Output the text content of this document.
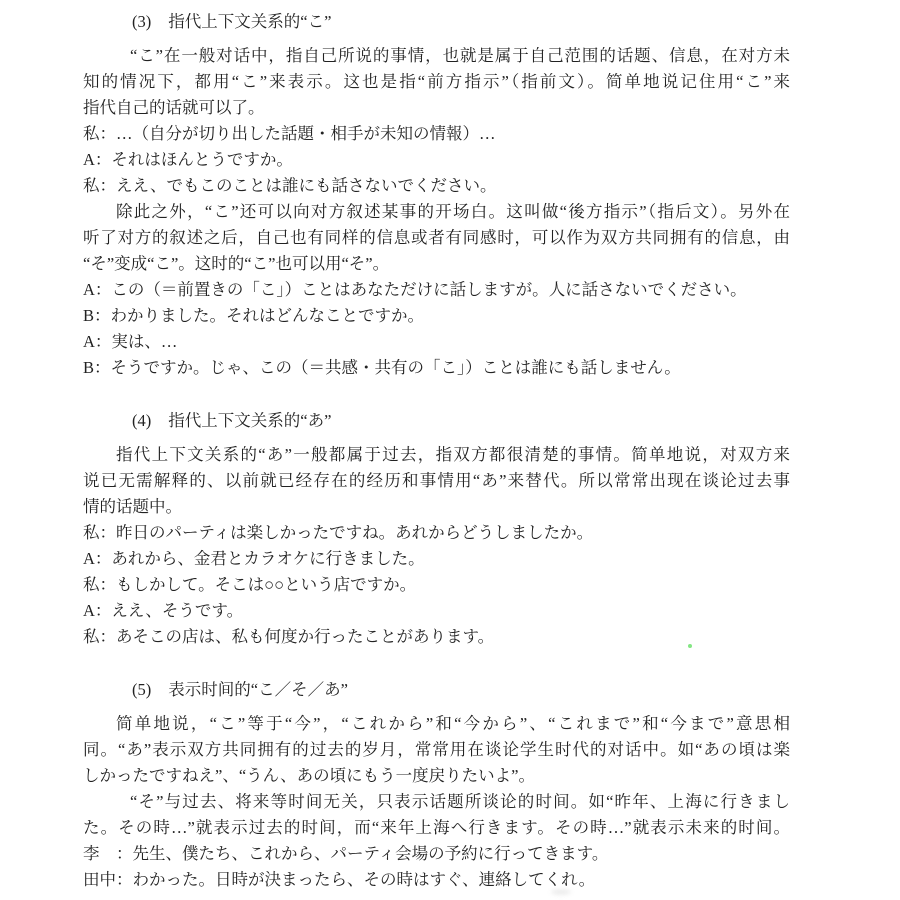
(3) 指代上下文关系的“こ”
“こ”在一般对话中，指自己所说的事情，也就是属于自己范围的话题、信息，在对方未
知的情况下，都用“こ”来表示。这也是指“前方指示”（指前文）。简单地说记住用“こ”来
指代自己的话就可以了。
私：…（自分が切り出した話題・相手が未知の情報）…
A：それはほんとうですか。
私：ええ、でもこのことは誰にも話さないでください。
除此之外，“こ”还可以向对方叙述某事的开场白。这叫做“後方指示”（指后文）。另外在
听了对方的叙述之后，自己也有同样的信息或者有同感时，可以作为双方共同拥有的信息，由
“そ”变成“こ”。这时的“こ”也可以用“そ”。
A：この（＝前置きの「こ」）ことはあなただけに話しますが。人に話さないでください。
B：わかりました。それはどんなことですか。
A：実は、…
B：そうですか。じゃ、この（＝共感・共有の「こ」）ことは誰にも話しません。
(4) 指代上下文关系的“あ”
指代上下文关系的“あ”一般都属于过去，指双方都很清楚的事情。简单地说，对双方来
说已无需解释的、以前就已经存在的经历和事情用“あ”来替代。所以常常出现在谈论过去事
情的话题中。
私：昨日のパーティは楽しかったですね。あれからどうしましたか。
A：あれから、金君とカラオケに行きました。
私：もしかして。そこは○○という店ですか。
A：ええ、そうです。
私：あそこの店は、私も何度か行ったことがあります。
(5) 表示时间的“こ／そ／あ”
简单地说，“こ”等于“今”，“これから”和“今から”、“これまで”和“今まで”意思相
同。“あ”表示双方共同拥有的过去的岁月，常常用在谈论学生时代的对话中。如“あの頃は楽
しかったですねえ”、“うん、あの頃にもう一度戻りたいよ”。
“そ”与过去、将来等时间无关，只表示话题所谈论的时间。如“昨年、上海に行きまし
た。その時…”就表示过去的时间，而“来年上海へ行きます。その時…”就表示未来的时间。
李　：先生、僕たち、これから、パーティ会場の予約に行ってきます。
田中：わかった。日時が決まったら、その時はすぐ、連絡してくれ。
